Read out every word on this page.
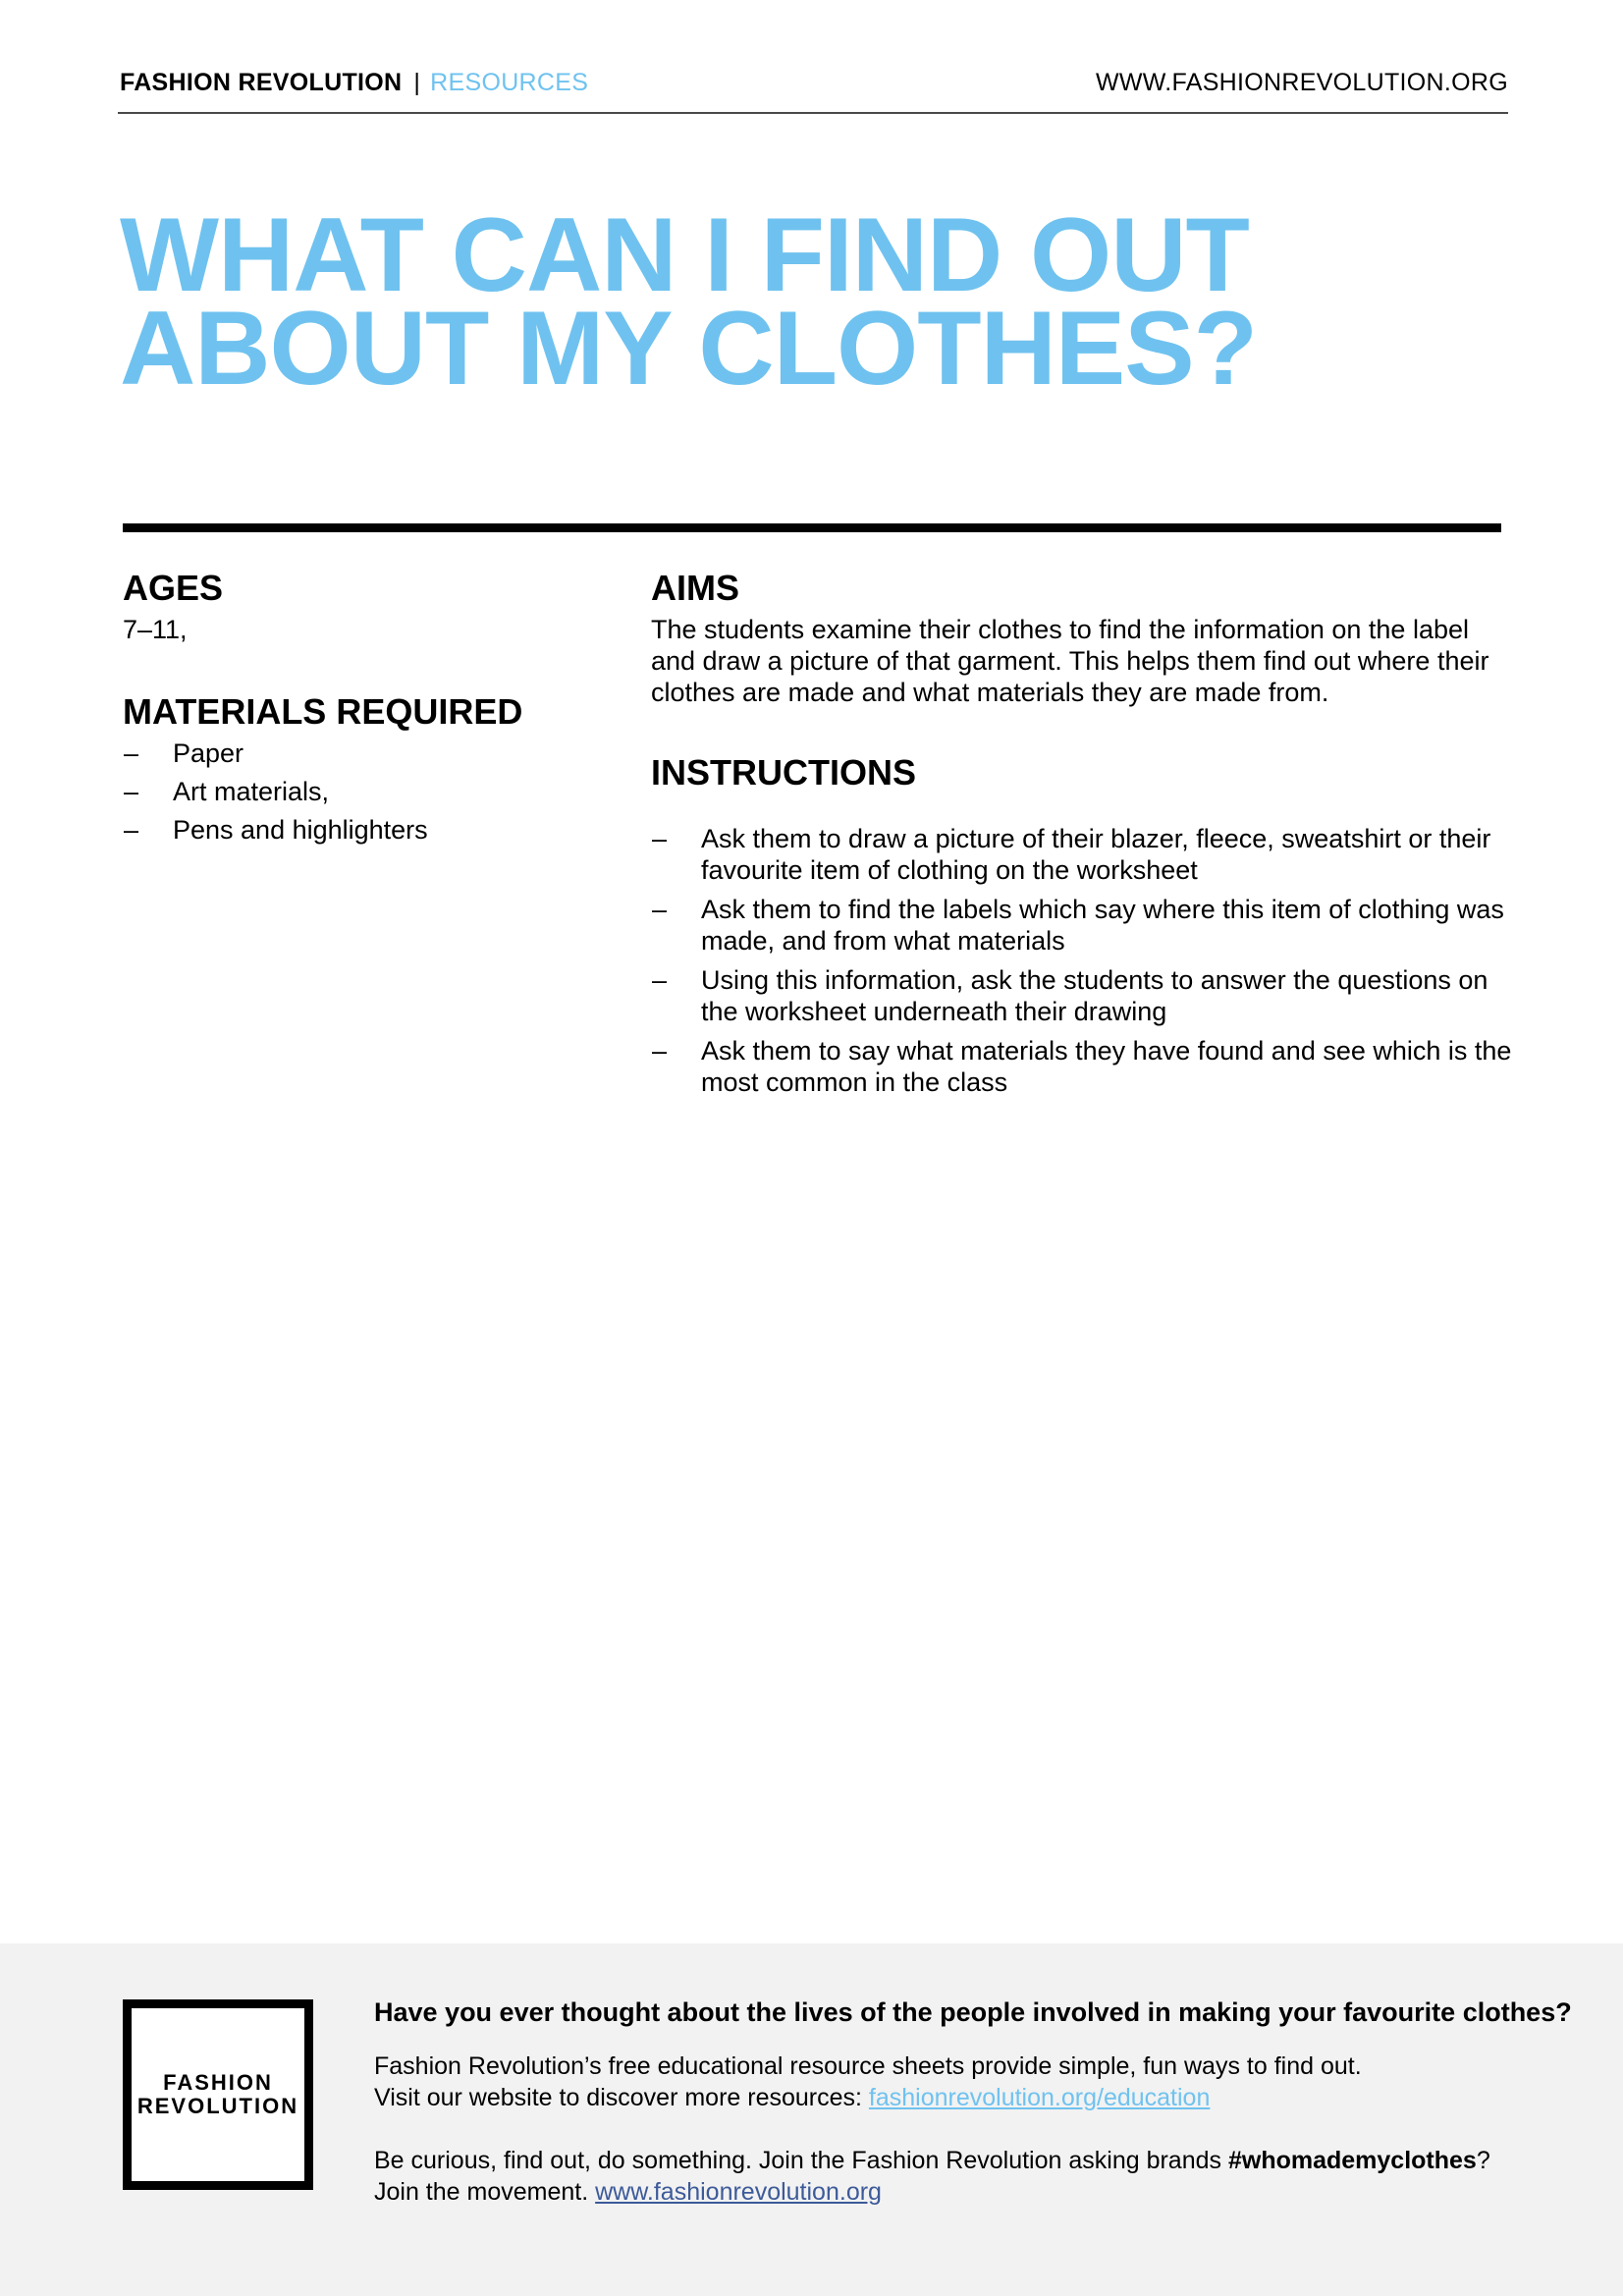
FASHION REVOLUTION | RESOURCES	WWW.FASHIONREVOLUTION.ORG
WHAT CAN I FIND OUT
ABOUT MY CLOTHES?
AGES
7–11,
MATERIALS REQUIRED
– Paper
– Art materials,
– Pens and highlighters
AIMS
The students examine their clothes to find the information on the label
and draw a picture of that garment. This helps them find out where their
clothes are made and what materials they are made from.
INSTRUCTIONS
– Ask them to draw a picture of their blazer, fleece, sweatshirt or their
favourite item of clothing on the worksheet
– Ask them to find the labels which say where this item of clothing was
made, and from what materials
– Using this information, ask the students to answer the questions on
the worksheet underneath their drawing
– Ask them to say what materials they have found and see which is the
most common in the class
FASHION
REVOLUTION
Have you ever thought about the lives of the people involved in making your favourite clothes?
Fashion Revolution’s free educational resource sheets provide simple, fun ways to find out.
Visit our website to discover more resources: fashionrevolution.org/education
Be curious, find out, do something. Join the Fashion Revolution asking brands #whomademyclothes?
Join the movement. www.fashionrevolution.org
